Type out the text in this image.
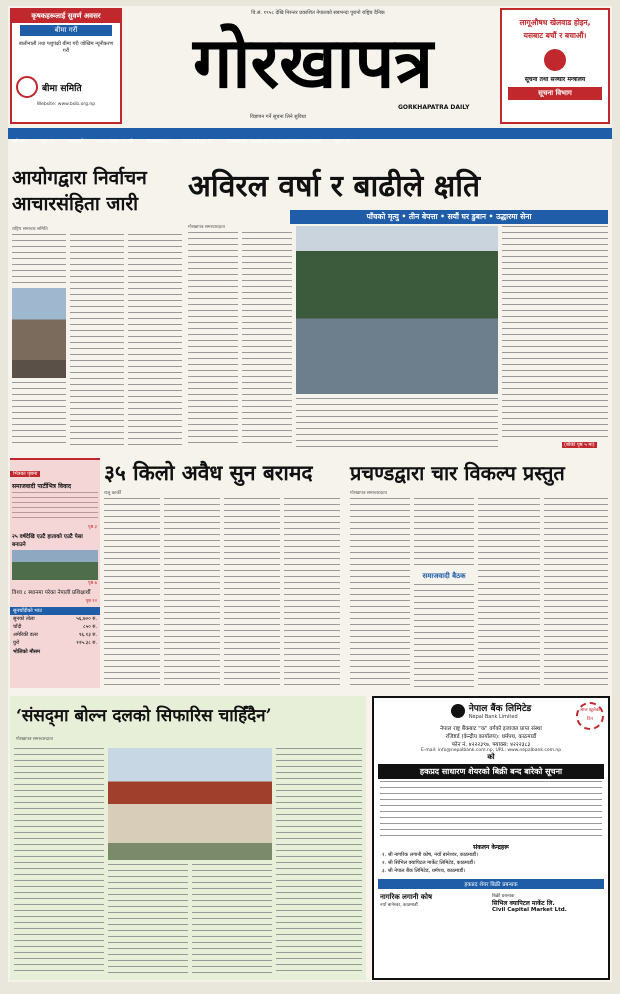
कृषकहरूलाई सुवर्ण अवसर
बीमा गरौं
बालीनाली तथा पशुपंक्षी बीमा गरी जोखिम न्यूनीकरण गरौं
बीमा समिति
Website: www.bsib.org.np
वि.सं. १९५८ देखि निरन्तर प्रकाशित नेपालको सबभन्दा पुरानो राष्ट्रिय दैनिक
गोरखापत्र
GORKHAPATRA DAILY
विज्ञापन गर्ने सूचना लिने सुविधा
लागूऔषध खेलवाड होइन,
यसबाट बचौं र बचाऔं।
सूचना तथा सञ्चार मन्त्रालय
सूचना विभाग
वर्ष १११	अङ्क ९५	काठमाडौं	२०७० असार १८ गते	Thursday	2013 July 11	Website: www.gorkhapatraonline.com	मूल्य: रु. ५
आयोगद्वारा निर्वाचन
आचारसंहिता जारी
राष्ट्रिय समाचार समिति
अविरल वर्षा र बाढीले क्षति
पाँचको मृत्यु • तीन बेपत्ता • सयौं घर डुबान • उद्धारमा सेना
गोरखापत्र समाचारदाता
(बाँकी पृष्ठ ५ मा)
भित्रका पृष्ठमा
समाजवादी पार्टीभित्र विवाद
पृष्ठ ३
२५ वर्षदेखि एउटै हाताको एउटै पेसा बनाउने
पृष्ठ ७
विश्व ८ स्थानमा परेका नेपाली प्रशिक्षार्थी
पृष्ठ १२
सुनचाँदीको भाउ
सुनको तोला	५६,७०० रु.
चाँदी	८५० रु.
अमेरिकी डलर	९६.१३ रु.
युरो	१२५.३८ रु.
भोलिको मौसम
३५ किलो अवैध सुन बरामद
राजु कार्की
प्रचण्डद्वारा चार विकल्प प्रस्तुत
गोरखापत्र समाचारदाता
समाजवादी बैठक
‘संसद्‌मा बोल्न दलको सिफारिस चाहिँदैन’
गोरखापत्र समाचारदाता
नेपाल बैंक लिमिटेड
Nepal Bank Limited
आज खुलेको दिन
नेपाल राष्ट्र बैंकबाट "क" वर्गको इजाजत प्राप्त संस्था
रजिष्टर्ड (केन्द्रीय कार्यालय): धर्मपथ, काठमाडौं
फोन नं. ४२२२३९७, फ्याक्स: ४२२२३८३
E-mail: info@nepalbank.com.np, URL: www.nepalbank.com.np
को
हकप्रद साधारण शेयरको बिक्री बन्द बारेको सूचना
संकलन केन्द्रहरू
१. श्री नागरिक लगानी कोष, नयाँ बानेश्वर, काठमाडौं।
२. श्री सिभिल क्यापिटल मार्केट लिमिटेड, काठमाडौं।
३. श्री नेपाल बैंक लिमिटेड, धर्मपथ, काठमाडौं।
हकप्रद शेयर बिक्री प्रबन्धक
नागरिक लगानी कोष
नयाँ बानेश्वर, काठमाडौं
बिक्री प्रबन्धक
सिभिल क्यापिटल मार्केट लि.
Civil Capital Market Ltd.
